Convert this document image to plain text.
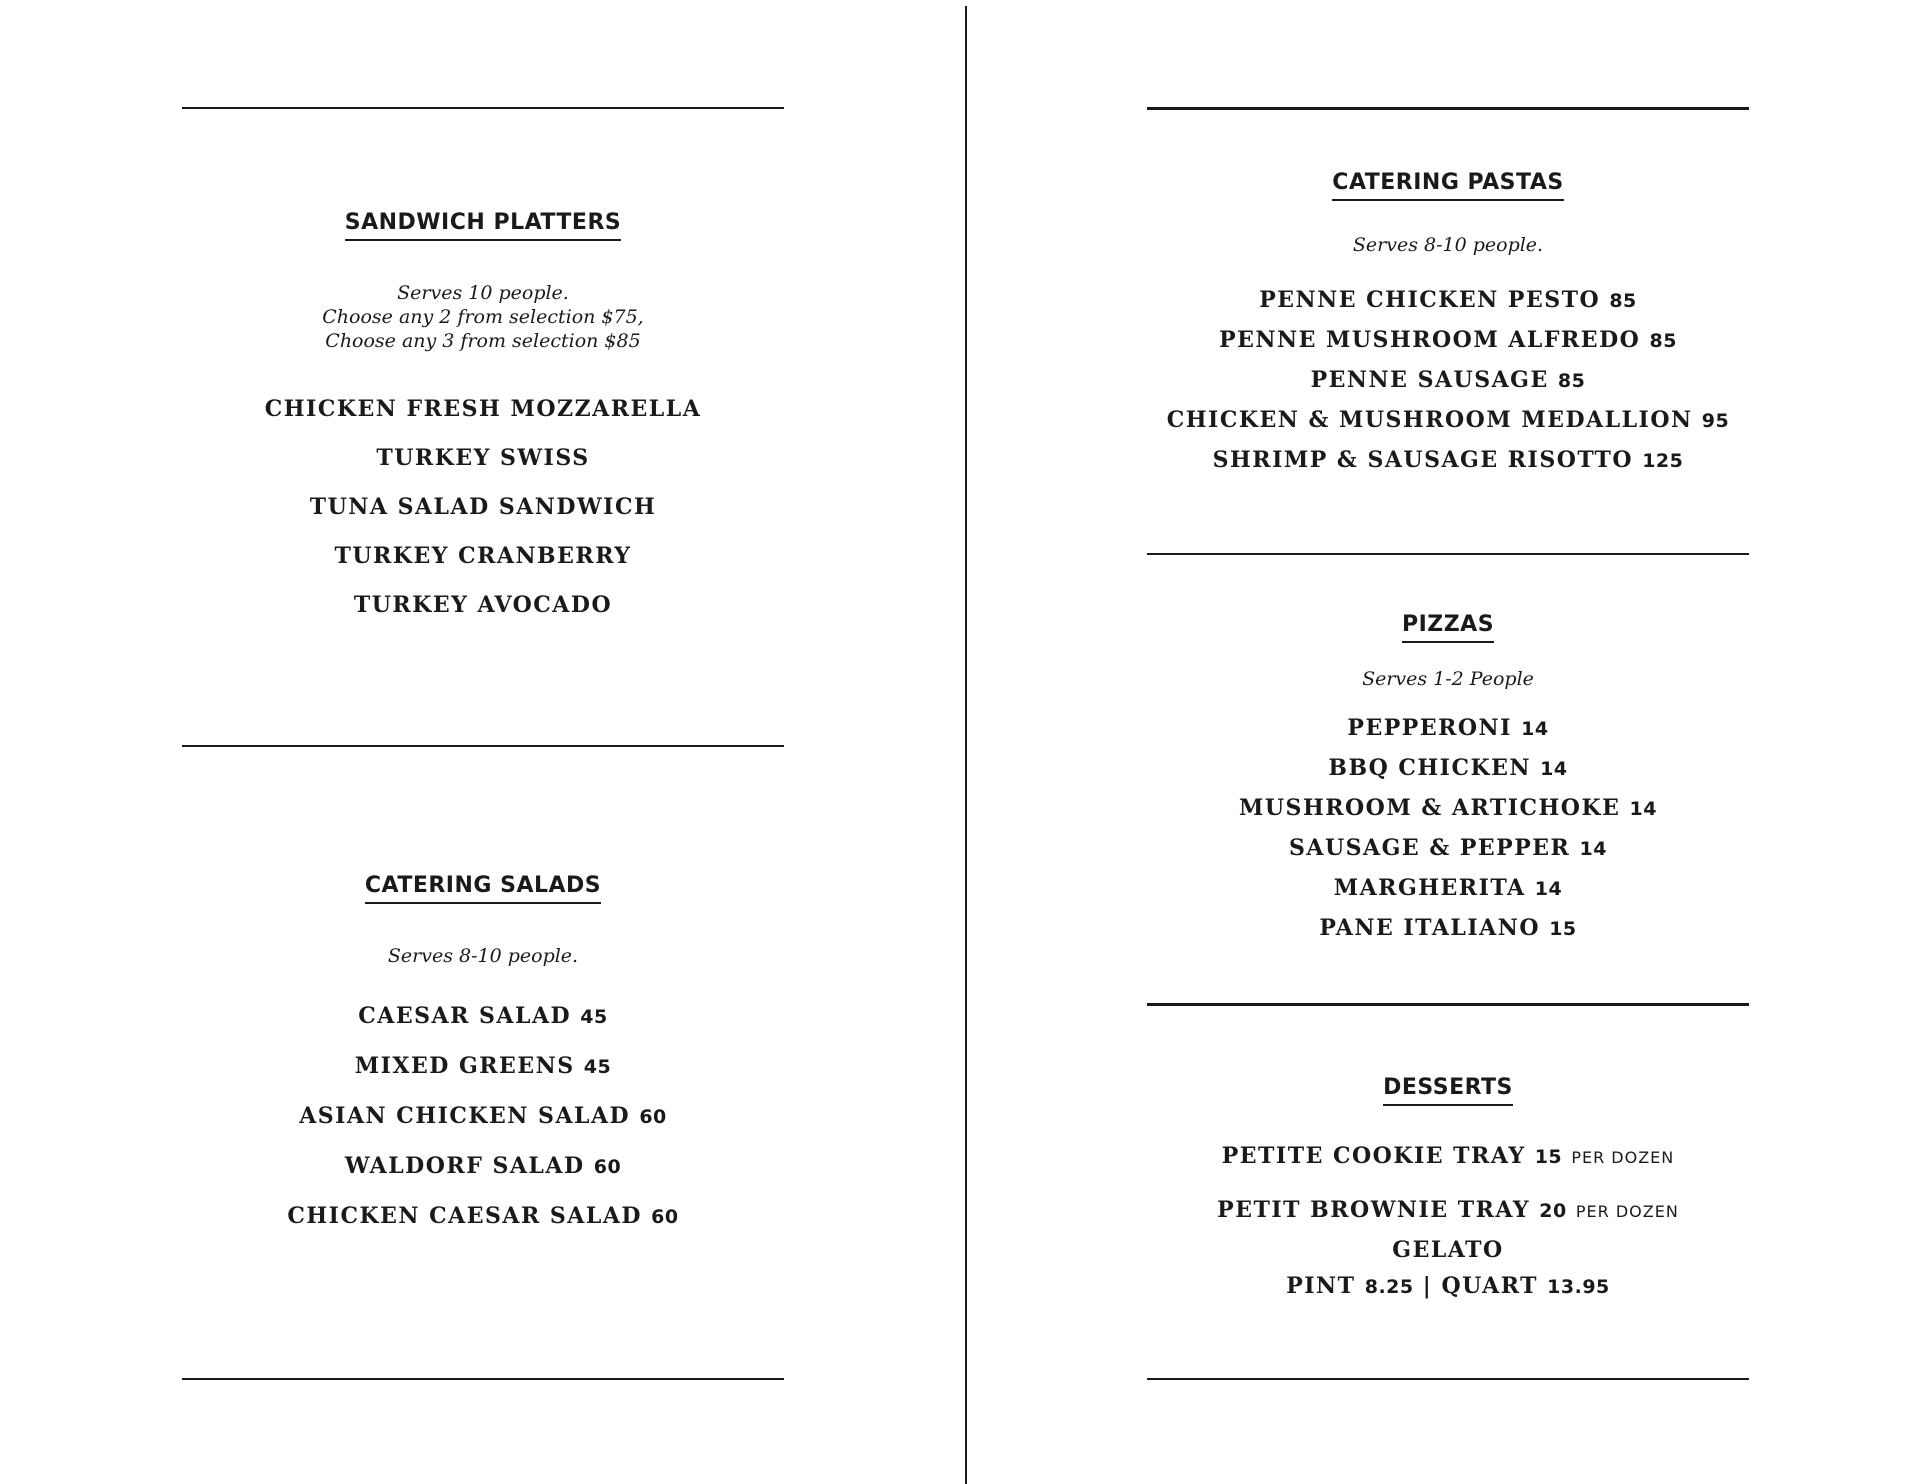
SANDWICH PLATTERS
Serves 10 people.
Choose any 2 from selection $75,
Choose any 3 from selection $85
CHICKEN FRESH MOZZARELLA
TURKEY SWISS
TUNA SALAD SANDWICH
TURKEY CRANBERRY
TURKEY AVOCADO
CATERING SALADS
Serves 8-10 people.
CAESAR SALAD 45
MIXED GREENS 45
ASIAN CHICKEN SALAD 60
WALDORF SALAD 60
CHICKEN CAESAR SALAD 60
CATERING PASTAS
Serves 8-10 people.
PENNE CHICKEN PESTO 85
PENNE MUSHROOM ALFREDO 85
PENNE SAUSAGE 85
CHICKEN & MUSHROOM MEDALLION 95
SHRIMP & SAUSAGE RISOTTO 125
PIZZAS
Serves 1-2 People
PEPPERONI 14
BBQ CHICKEN 14
MUSHROOM & ARTICHOKE 14
SAUSAGE & PEPPER 14
MARGHERITA 14
PANE ITALIANO 15
DESSERTS
PETITE COOKIE TRAY 15 PER DOZEN
PETIT BROWNIE TRAY 20 PER DOZEN
GELATO
PINT 8.25 | QUART 13.95
